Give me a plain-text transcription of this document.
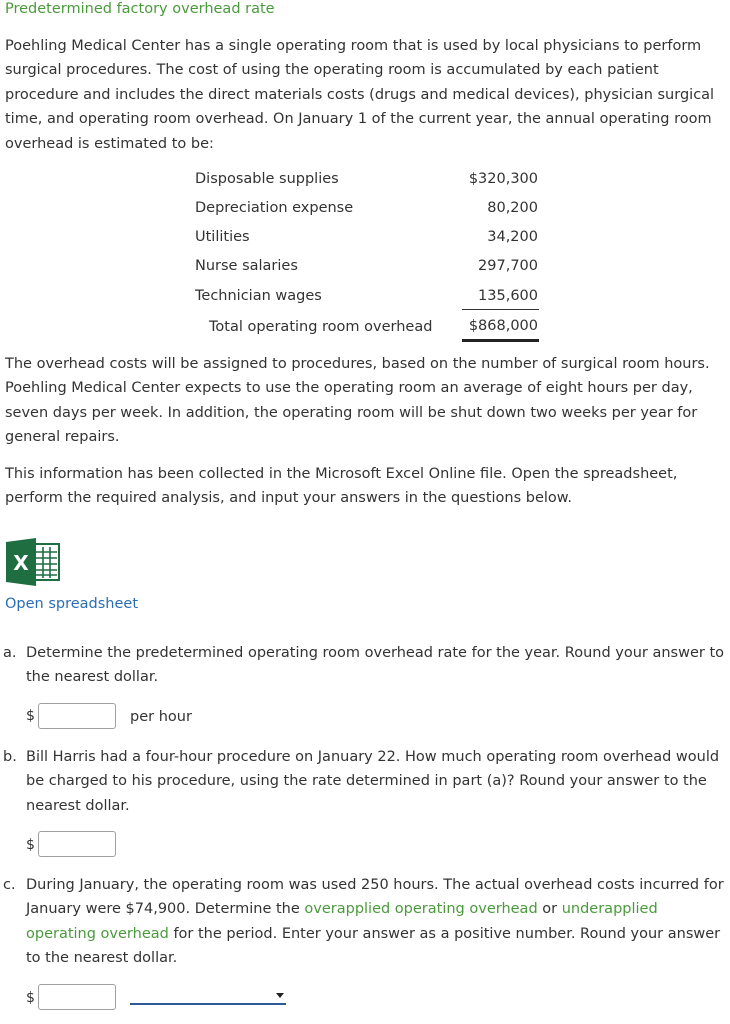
Predetermined factory overhead rate
Poehling Medical Center has a single operating room that is used by local physicians to perform surgical procedures. The cost of using the operating room is accumulated by each patient procedure and includes the direct materials costs (drugs and medical devices), physician surgical time, and operating room overhead. On January 1 of the current year, the annual operating room overhead is estimated to be:
Disposable supplies	$320,300
Depreciation expense	80,200
Utilities	34,200
Nurse salaries	297,700
Technician wages	135,600
Total operating room overhead	$868,000
The overhead costs will be assigned to procedures, based on the number of surgical room hours. Poehling Medical Center expects to use the operating room an average of eight hours per day, seven days per week. In addition, the operating room will be shut down two weeks per year for general repairs.
This information has been collected in the Microsoft Excel Online file. Open the spreadsheet, perform the required analysis, and input your answers in the questions below.
X
Open spreadsheet
a. Determine the predetermined operating room overhead rate for the year. Round your answer to the nearest dollar.
$	per hour
b. Bill Harris had a four-hour procedure on January 22. How much operating room overhead would be charged to his procedure, using the rate determined in part (a)? Round your answer to the nearest dollar.
$
c. During January, the operating room was used 250 hours. The actual overhead costs incurred for January were $74,900. Determine the overapplied operating overhead or underapplied operating overhead for the period. Enter your answer as a positive number. Round your answer to the nearest dollar.
$
